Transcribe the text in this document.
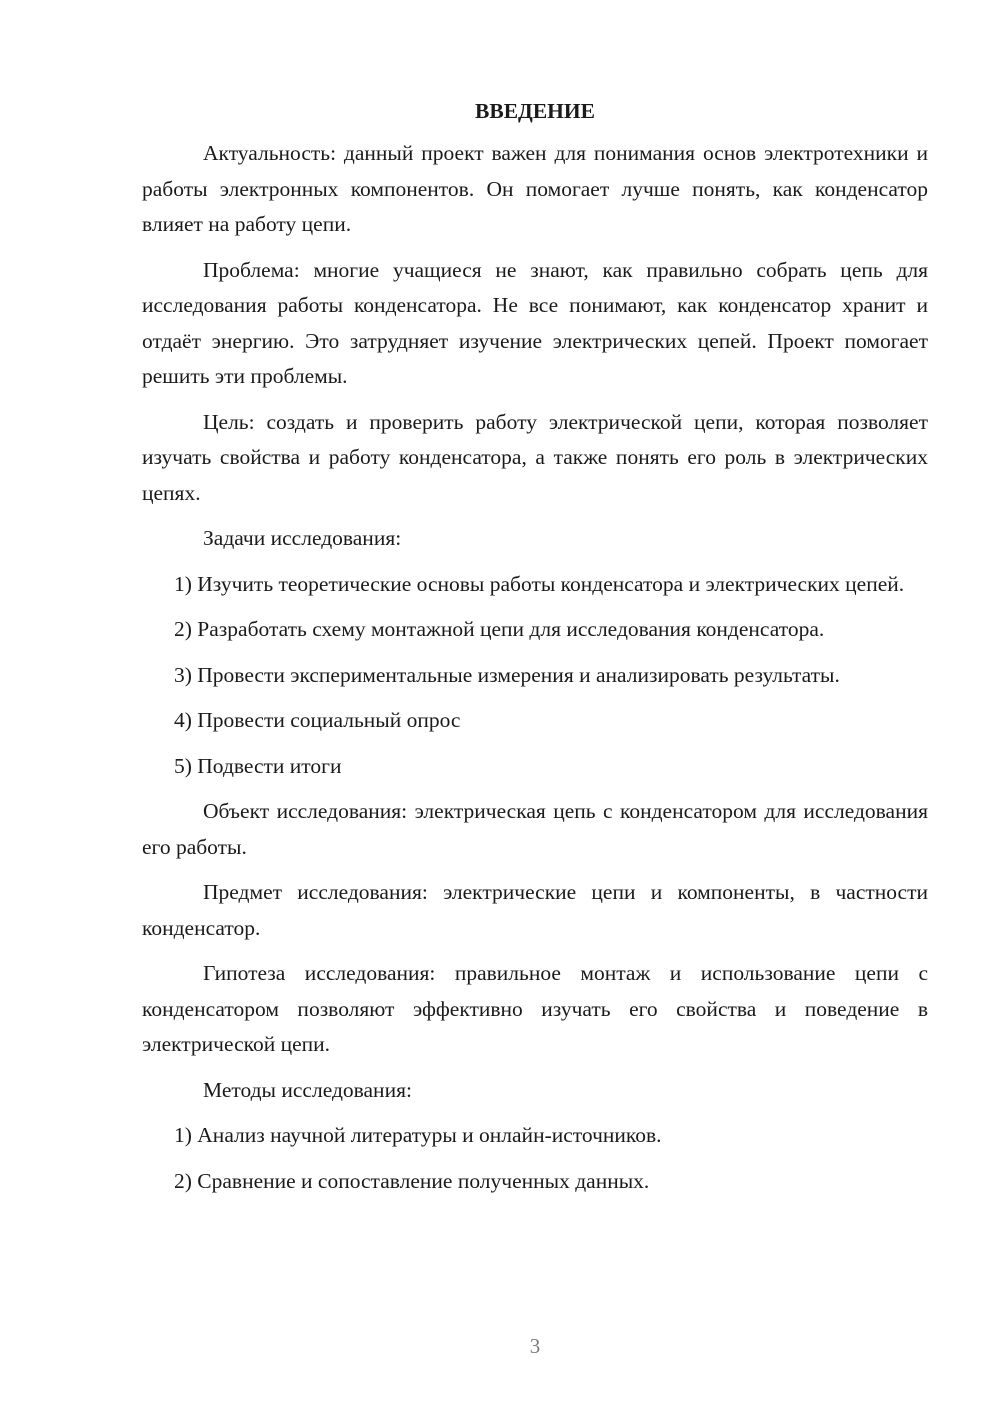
ВВЕДЕНИЕ

Актуальность: данный проект важен для понимания основ электротехники и работы электронных компонентов. Он помогает лучше понять, как конденсатор влияет на работу цепи.

Проблема: многие учащиеся не знают, как правильно собрать цепь для исследования работы конденсатора. Не все понимают, как конденсатор хранит и отдаёт энергию. Это затрудняет изучение электрических цепей. Проект помогает решить эти проблемы.

Цель: создать и проверить работу электрической цепи, которая позволяет изучать свойства и работу конденсатора, а также понять его роль в электрических цепях.

Задачи исследования:

1) Изучить теоретические основы работы конденсатора и электрических цепей.

2) Разработать схему монтажной цепи для исследования конденсатора.

3) Провести экспериментальные измерения и анализировать результаты.

4) Провести социальный опрос

5) Подвести итоги

Объект исследования: электрическая цепь с конденсатором для исследования его работы.

Предмет исследования: электрические цепи и компоненты, в частности конденсатор.

Гипотеза исследования: правильное монтаж и использование цепи с конденсатором позволяют эффективно изучать его свойства и поведение в электрической цепи.

Методы исследования:

1) Анализ научной литературы и онлайн-источников.

2) Сравнение и сопоставление полученных данных.

3
